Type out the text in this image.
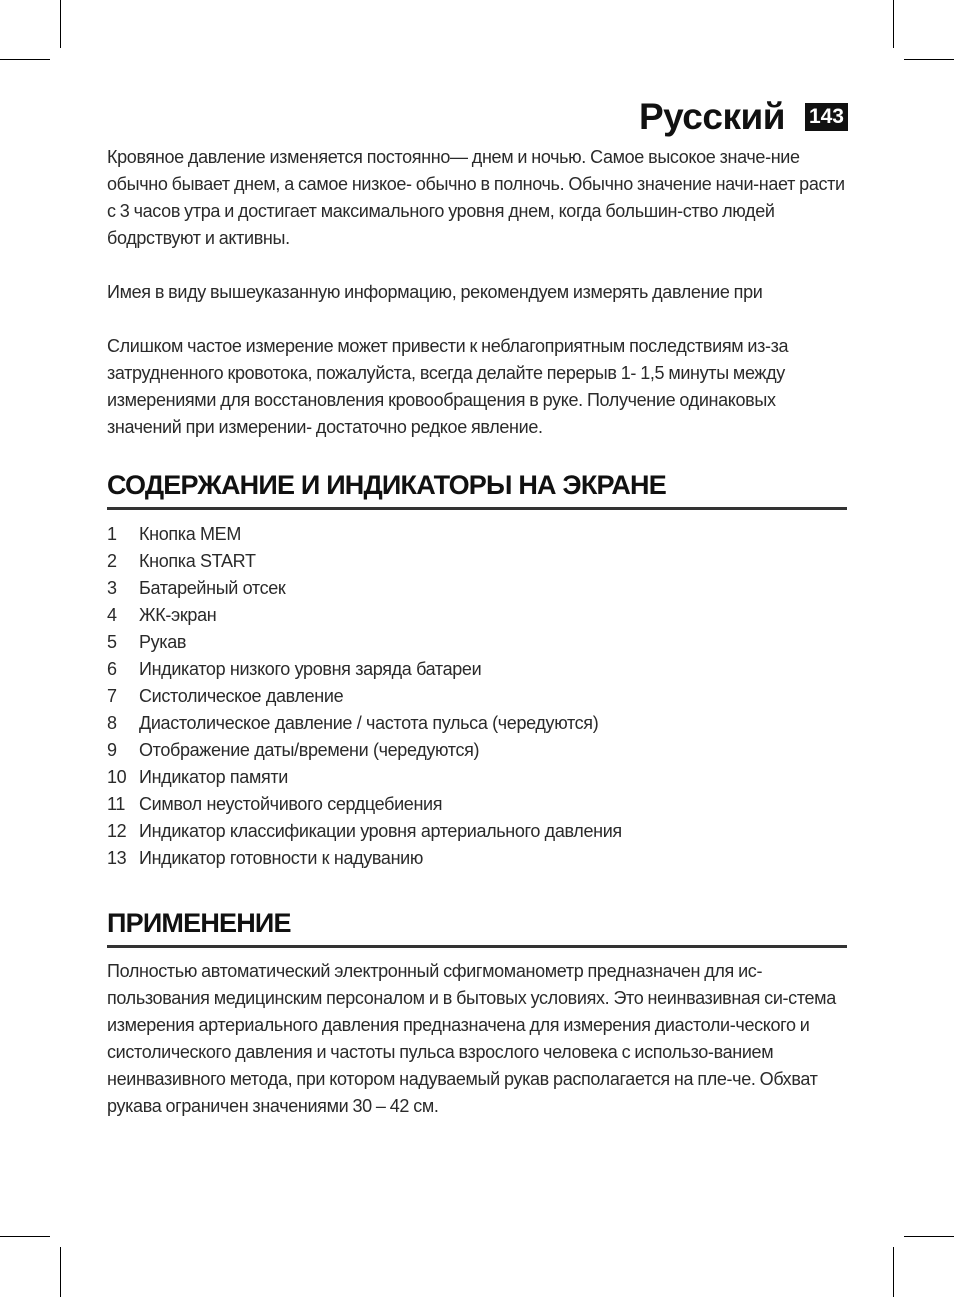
Русский 143

Кровяное давление изменяется постоянно— днем и ночью. Самое высокое значе-ние обычно бывает днем, а самое низкое- обычно в полночь. Обычно значение начи-нает расти с 3 часов утра и достигает максимального уровня днем, когда большин-ство людей бодрствуют и активны.

Имея в виду вышеуказанную информацию, рекомендуем измерять давление при

Слишком частое измерение может привести к неблагоприятным последствиям из-за затрудненного кровотока, пожалуйста, всегда делайте перерыв 1- 1,5 минуты между измерениями для восстановления кровообращения в руке. Получение одинаковых значений при измерении- достаточно редкое явление.

СОДЕРЖАНИЕ И ИНДИКАТОРЫ НА ЭКРАНЕ
1	Кнопка MEM
2	Кнопка START
3	Батарейный отсек
4	ЖК-экран
5	Рукав
6	Индикатор низкого уровня заряда батареи
7	Систолическое давление
8	Диастолическое давление / частота пульса (чередуются)
9	Отображение даты/времени (чередуются)
10 Индикатор памяти
11 Символ неустойчивого сердцебиения
12 Индикатор классификации уровня артериального давления
13 Индикатор готовности к надуванию
ПРИМЕНЕНИЕ

Полностью автоматический электронный сфигмоманометр предназначен для ис-пользования медицинским персоналом и в бытовых условиях. Это неинвазивная си-стема измерения артериального давления предназначена для измерения диастоли-ческого и систолического давления и частоты пульса взрослого человека с использо-ванием неинвазивного метода, при котором надуваемый рукав располагается на пле-че. Обхват рукава ограничен значениями 30 – 42 см.
